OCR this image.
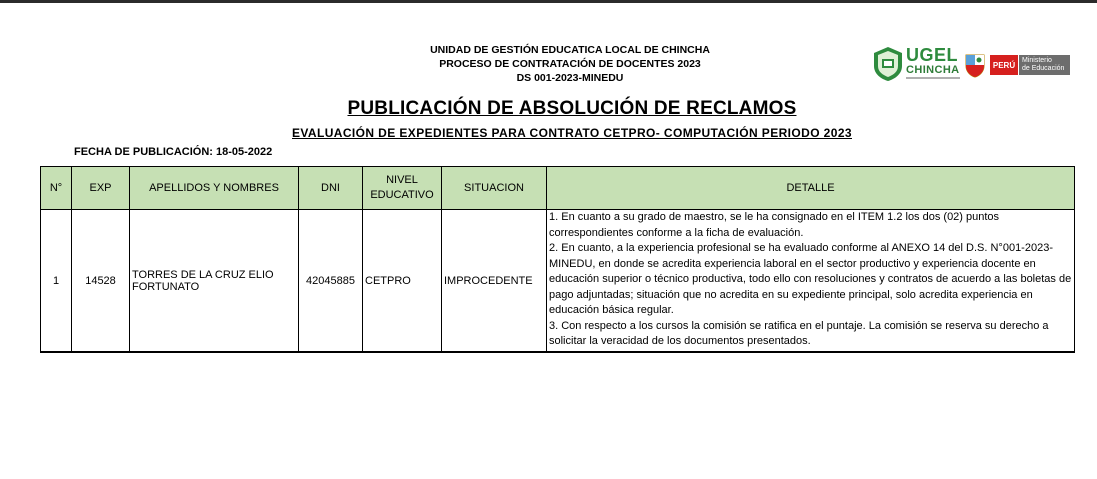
UNIDAD DE GESTIÓN EDUCATICA LOCAL DE CHINCHA
PROCESO DE CONTRATACIÓN DE DOCENTES 2023
DS 001-2023-MINEDU
UGEL
CHINCHA	PERÚ Ministerio
de Educación
PUBLICACIÓN DE ABSOLUCIÓN DE RECLAMOS
EVALUACIÓN DE EXPEDIENTES PARA CONTRATO CETPRO- COMPUTACIÓN PERIODO 2023
FECHA DE PUBLICACIÓN: 18-05-2022
N°	EXP	APELLIDOS Y NOMBRES	DNI	NIVEL EDUCATIVO	SITUACION	DETALLE
1	14528	TORRES DE LA CRUZ ELIO FORTUNATO	42045885	CETPRO	IMPROCEDENTE	1. En cuanto a su grado de maestro, se le ha consignado en el ITEM 1.2 los dos (02) puntos correspondientes conforme a la ficha de evaluación.

2. En cuanto, a la experiencia profesional se ha evaluado conforme al ANEXO 14 del D.S. N°001-2023-MINEDU, en donde se acredita experiencia laboral en el sector productivo y experiencia docente en educación superior o técnico productiva, todo ello con resoluciones y contratos de acuerdo a las boletas de pago adjuntadas; situación que no acredita en su expediente principal, solo acredita experiencia en educación básica regular.

3. Con respecto a los cursos la comisión se ratifica en el puntaje. La comisión se reserva su derecho a solicitar la veracidad de los documentos presentados.
